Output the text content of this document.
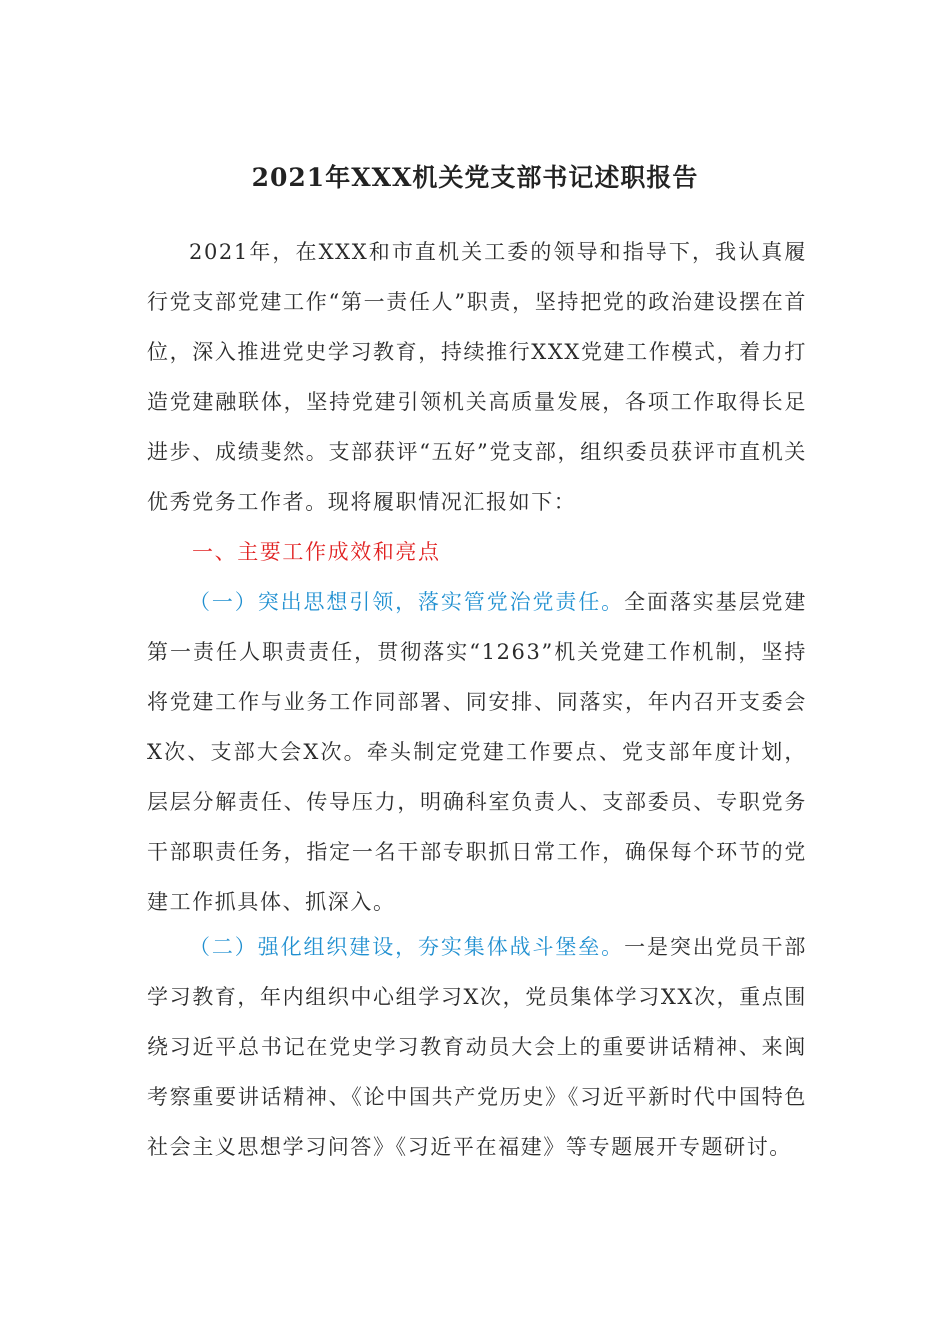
2021年XXX机关党支部书记述职报告

2021年，在XXX和市直机关工委的领导和指导下，我认真履行党支部党建工作“第一责任人”职责，坚持把党的政治建设摆在首位，深入推进党史学习教育，持续推行XXX党建工作模式，着力打造党建融联体，坚持党建引领机关高质量发展，各项工作取得长足进步、成绩斐然。支部获评“五好”党支部，组织委员获评市直机关优秀党务工作者。现将履职情况汇报如下：

一、主要工作成效和亮点

（一）突出思想引领，落实管党治党责任。全面落实基层党建第一责任人职责责任，贯彻落实“1263”机关党建工作机制，坚持将党建工作与业务工作同部署、同安排、同落实，年内召开支委会X次、支部大会X次。牵头制定党建工作要点、党支部年度计划，层层分解责任、传导压力，明确科室负责人、支部委员、专职党务干部职责任务，指定一名干部专职抓日常工作，确保每个环节的党建工作抓具体、抓深入。

（二）强化组织建设，夯实集体战斗堡垒。一是突出党员干部学习教育，年内组织中心组学习X次，党员集体学习XX次，重点围绕习近平总书记在党史学习教育动员大会上的重要讲话精神、来闽考察重要讲话精神、《论中国共产党历史》《习近平新时代中国特色社会主义思想学习问答》《习近平在福建》等专题展开专题研讨。
